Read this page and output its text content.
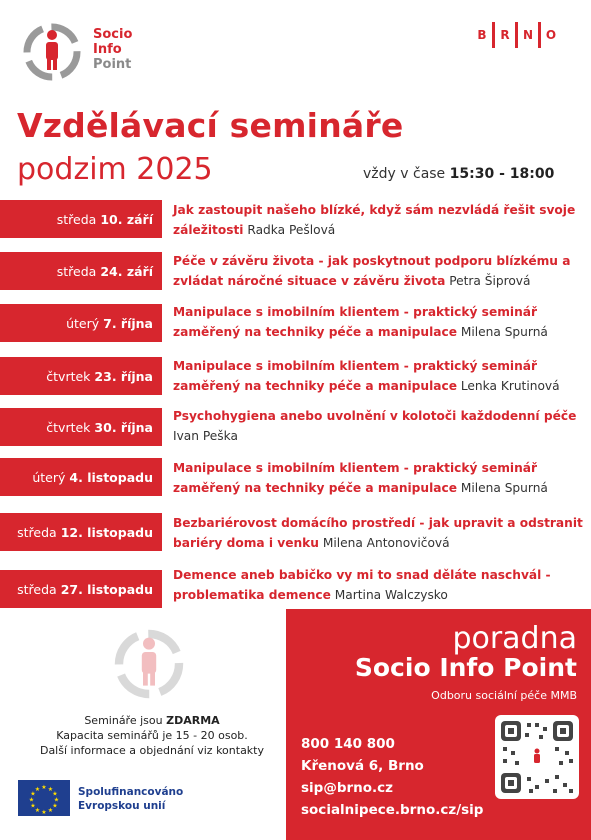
Socio
Info
Point
B	R	N	O
Vzdělávací semináře
podzim 2025	vždy v čase 15:30 - 18:00
středa 10. září
Jak zastoupit našeho blízké, když sám nezvládá řešit svoje záležitosti Radka Pešlová
středa 24. září
Péče v závěru života - jak poskytnout podporu blízkému a zvládat náročné situace v závěru života Petra Šiprová
úterý 7. října
Manipulace s imobilním klientem - praktický seminář zaměřený na techniky péče a manipulace Milena Spurná
čtvrtek 23. října
Manipulace s imobilním klientem - praktický seminář zaměřený na techniky péče a manipulace Lenka Krutinová
čtvrtek 30. října
Psychohygiena anebo uvolnění v kolotoči každodenní péče Ivan Peška
úterý 4. listopadu
Manipulace s imobilním klientem - praktický seminář zaměřený na techniky péče a manipulace Milena Spurná
středa 12. listopadu
Bezbariérovost domácího prostředí - jak upravit a odstranit bariéry doma i venku Milena Antonovičová
středa 27. listopadu
Demence aneb babičko vy mi to snad děláte naschvál - problematika demence Martina Walczysko
Semináře jsou ZDARMA
Kapacita seminářů je 15 - 20 osob.
Další informace a objednání viz kontakty
★ ★
★
★
★
★
★
★
★
★
★
★	Spolufinancováno
Evropskou unií
poradna
Socio Info Point
Odboru sociální péče MMB
800 140 800
Křenová 6, Brno
sip@brno.cz
socialnipece.brno.cz/sip
